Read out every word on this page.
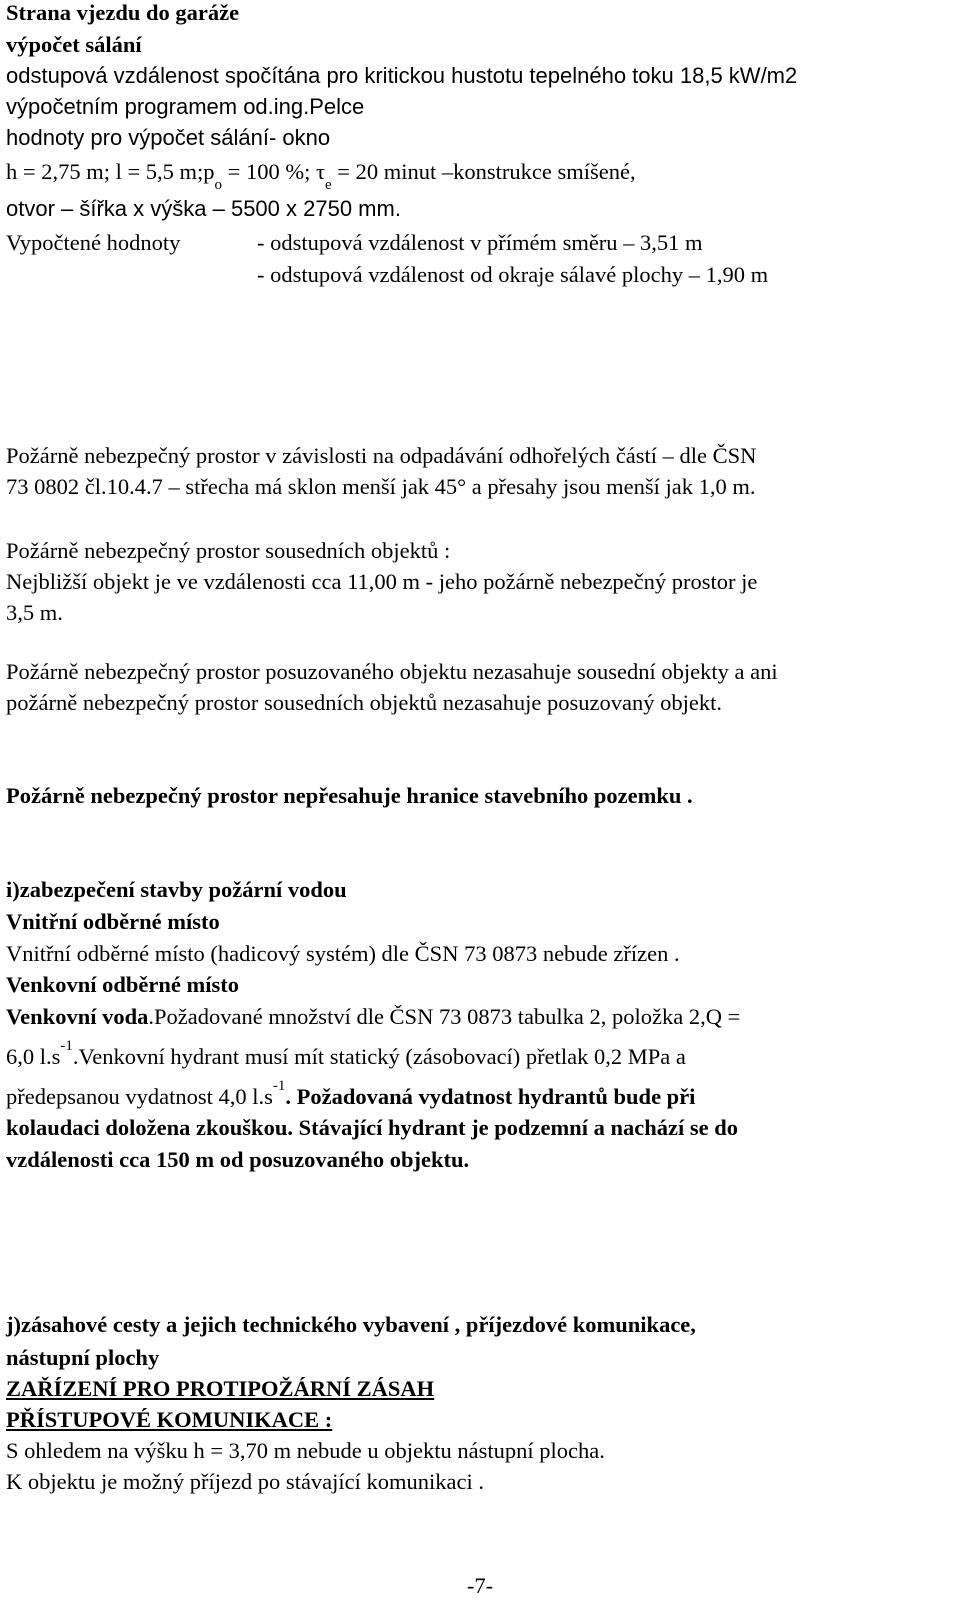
Strana vjezdu do garáže
výpočet sálání
odstupová vzdálenost spočítána pro kritickou hustotu tepelného toku 18,5 kW/m2
výpočetním programem od.ing.Pelce
hodnoty pro výpočet sálání- okno
h = 2,75 m; l = 5,5 $m;p_o = 100$ %; $\tau_e = 20$ minut –konstrukce smíšené,
otvor – šířka x výška – 5500 x 2750 mm.
Vypočtené hodnoty	- odstupová vzdálenost v přímém směru – 3,51 m
- odstupová vzdálenost od okraje sálavé plochy – 1,90 m
Požárně nebezpečný prostor v závislosti na odpadávání odhořelých částí – dle ČSN
73 0802 čl.10.4.7 – střecha má sklon menší jak 45° a přesahy jsou menší jak 1,0 m.
Požárně nebezpečný prostor sousedních objektů :
Nejbližší objekt je ve vzdálenosti cca 11,00 m - jeho požárně nebezpečný prostor je
3,5 m.
Požárně nebezpečný prostor posuzovaného objektu nezasahuje sousední objekty a ani
požárně nebezpečný prostor sousedních objektů nezasahuje posuzovaný objekt.
Požárně nebezpečný prostor nepřesahuje hranice stavebního pozemku .
i)zabezpečení stavby požární vodou
Vnitřní odběrné místo
Vnitřní odběrné místo (hadicový systém) dle ČSN 73 0873 nebude zřízen .
Venkovní odběrné místo
Venkovní voda.Požadované množství dle ČSN 73 0873 tabulka 2, položka 2,Q =
6,0 $l.s^{-1}.Venkovní$ hydrant musí mít statický (zásobovací) přetlak 0,2 MPa a
předepsanou vydatnost 4,0 $l.s^{-1}$. Požadovaná vydatnost hydrantů bude při
kolaudaci doložena zkouškou. Stávající hydrant je podzemní a nachází se do
vzdálenosti cca 150 m od posuzovaného objektu.
j)zásahové cesty a jejich technického vybavení , příjezdové komunikace,
nástupní plochy
ZAŘÍZENÍ PRO PROTIPOŽÁRNÍ ZÁSAH
PŘÍSTUPOVÉ KOMUNIKACE :
S ohledem na výšku h = 3,70 m nebude u objektu nástupní plocha.
K objektu je možný příjezd po stávající komunikaci .
-7-
